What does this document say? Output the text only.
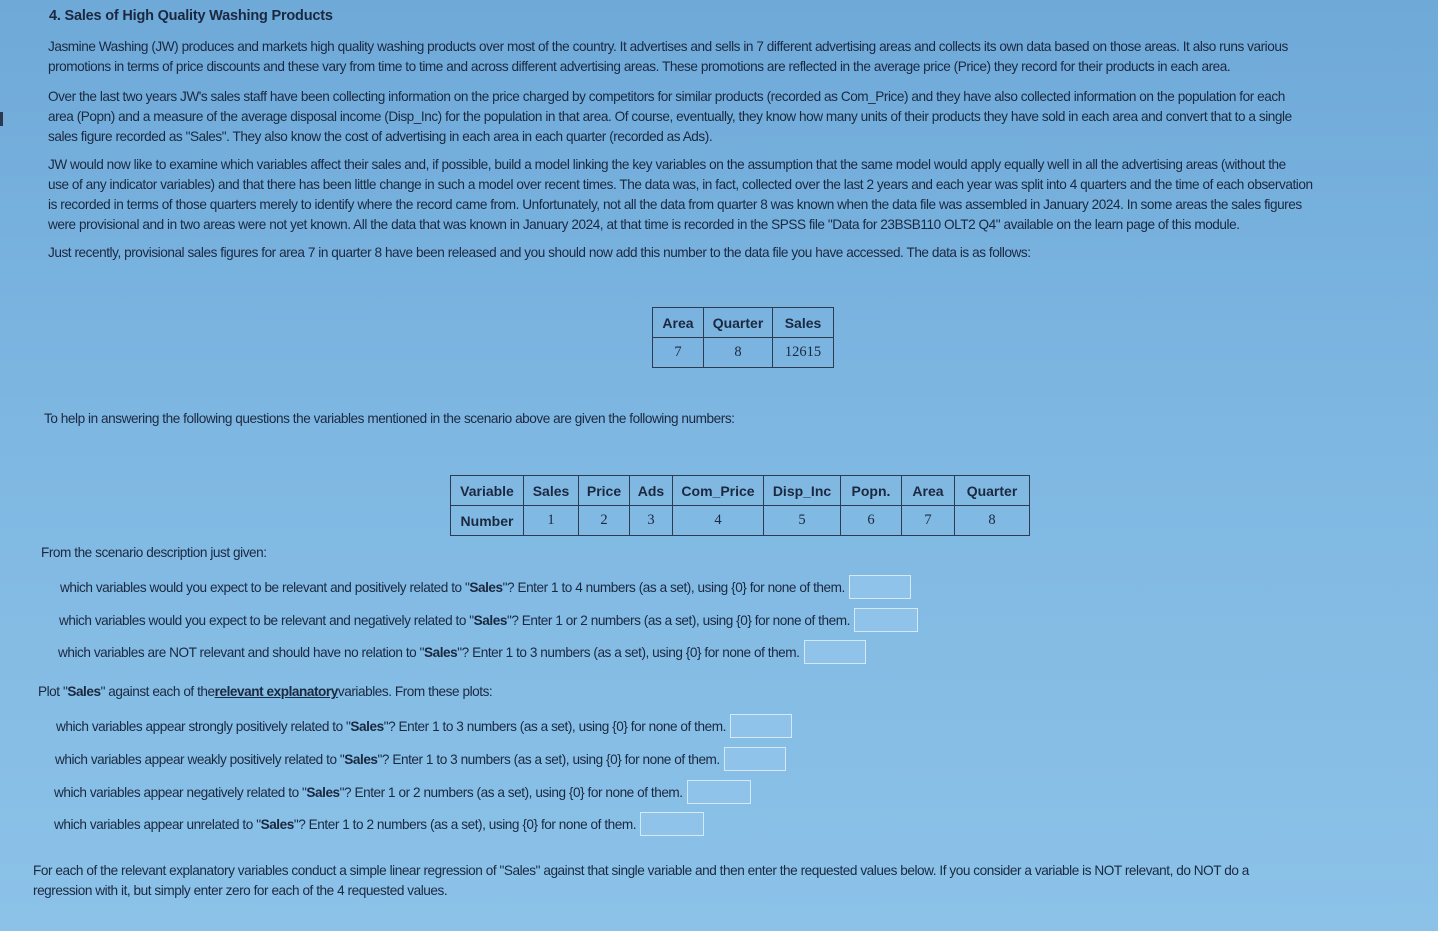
4. Sales of High Quality Washing Products
Jasmine Washing (JW) produces and markets high quality washing products over most of the country. It advertises and sells in 7 different advertising areas and collects its own data based on those areas. It also runs various
promotions in terms of price discounts and these vary from time to time and across different advertising areas. These promotions are reflected in the average price (Price) they record for their products in each area.
Over the last two years JW's sales staff have been collecting information on the price charged by competitors for similar products (recorded as Com_Price) and they have also collected information on the population for each
area (Popn) and a measure of the average disposal income (Disp_Inc) for the population in that area. Of course, eventually, they know how many units of their products they have sold in each area and convert that to a single
sales figure recorded as "Sales". They also know the cost of advertising in each area in each quarter (recorded as Ads).
JW would now like to examine which variables affect their sales and, if possible, build a model linking the key variables on the assumption that the same model would apply equally well in all the advertising areas (without the
use of any indicator variables) and that there has been little change in such a model over recent times. The data was, in fact, collected over the last 2 years and each year was split into 4 quarters and the time of each observation
is recorded in terms of those quarters merely to identify where the record came from. Unfortunately, not all the data from quarter 8 was known when the data file was assembled in January 2024. In some areas the sales figures
were provisional and in two areas were not yet known. All the data that was known in January 2024, at that time is recorded in the SPSS file "Data for 23BSB110 OLT2 Q4" available on the learn page of this module.
Just recently, provisional sales figures for area 7 in quarter 8 have been released and you should now add this number to the data file you have accessed. The data is as follows:
Area	Quarter	Sales
7	8	12615
To help in answering the following questions the variables mentioned in the scenario above are given the following numbers:
Variable	Sales	Price	Ads	Com_Price	Disp_Inc	Popn.	Area	Quarter
Number	1	2	3	4	5	6	7	8
From the scenario description just given:
which variables would you expect to be relevant and positively related to " Sales "? Enter 1 to 4 numbers (as a set), using {0} for none of them.
which variables would you expect to be relevant and negatively related to " Sales "? Enter 1 or 2 numbers (as a set), using {0} for none of them.
which variables are NOT relevant and should have no relation to " Sales "? Enter 1 to 3 numbers (as a set), using {0} for none of them.
Plot " Sales " against each of the relevant explanatory variables. From these plots:
which variables appear strongly positively related to " Sales "? Enter 1 to 3 numbers (as a set), using {0} for none of them.
which variables appear weakly positively related to " Sales "? Enter 1 to 3 numbers (as a set), using {0} for none of them.
which variables appear negatively related to " Sales "? Enter 1 or 2 numbers (as a set), using {0} for none of them.
which variables appear unrelated to " Sales "? Enter 1 to 2 numbers (as a set), using {0} for none of them.
For each of the relevant explanatory variables conduct a simple linear regression of "Sales" against that single variable and then enter the requested values below. If you consider a variable is NOT relevant, do NOT do a
regression with it, but simply enter zero for each of the 4 requested values.
